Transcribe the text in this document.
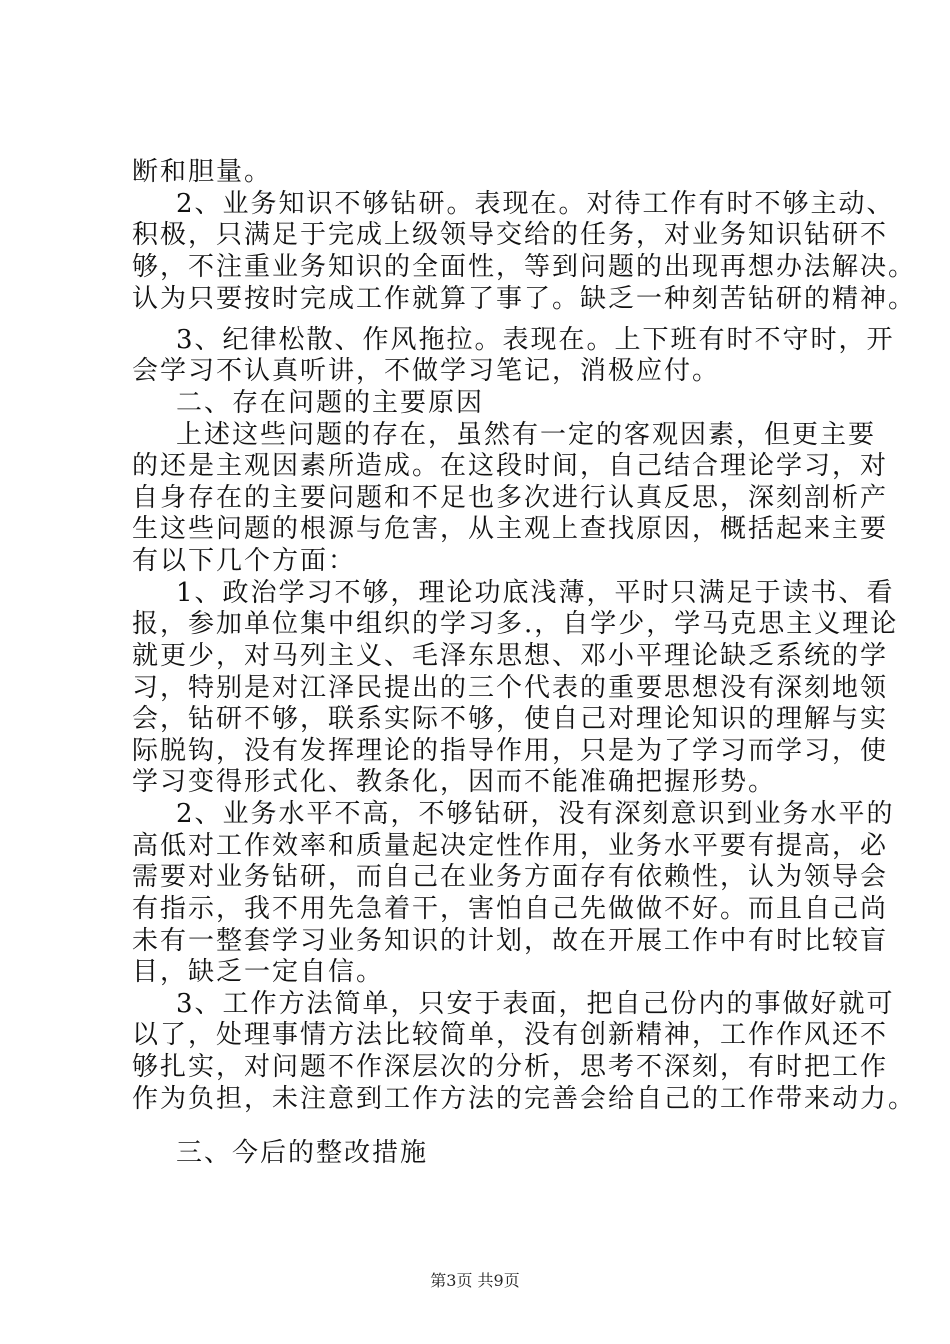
断和胆量。
2、业务知识不够钻研。表现在。对待工作有时不够主动、
积极，只满足于完成上级领导交给的任务，对业务知识钻研不
够，不注重业务知识的全面性，等到问题的出现再想办法解决。
认为只要按时完成工作就算了事了。缺乏一种刻苦钻研的精神。
3、纪律松散、作风拖拉。表现在。上下班有时不守时，开
会学习不认真听讲，不做学习笔记，消极应付。
二、存在问题的主要原因
上述这些问题的存在，虽然有一定的客观因素，但更主要
的还是主观因素所造成。在这段时间，自己结合理论学习，对
自身存在的主要问题和不足也多次进行认真反思，深刻剖析产
生这些问题的根源与危害，从主观上查找原因，概括起来主要
有以下几个方面：
1、政治学习不够，理论功底浅薄，平时只满足于读书、看
报，参加单位集中组织的学习多.，自学少，学马克思主义理论
就更少，对马列主义、毛泽东思想、邓小平理论缺乏系统的学
习，特别是对江泽民提出的三个代表的重要思想没有深刻地领
会，钻研不够，联系实际不够，使自己对理论知识的理解与实
际脱钩，没有发挥理论的指导作用，只是为了学习而学习，使
学习变得形式化、教条化，因而不能准确把握形势。
2、业务水平不高，不够钻研，没有深刻意识到业务水平的
高低对工作效率和质量起决定性作用，业务水平要有提高，必
需要对业务钻研，而自己在业务方面存有依赖性，认为领导会
有指示，我不用先急着干，害怕自己先做做不好。而且自己尚
未有一整套学习业务知识的计划，故在开展工作中有时比较盲
目，缺乏一定自信。
3、工作方法简单，只安于表面，把自己份内的事做好就可
以了，处理事情方法比较简单，没有创新精神，工作作风还不
够扎实，对问题不作深层次的分析，思考不深刻，有时把工作
作为负担，未注意到工作方法的完善会给自己的工作带来动力。
三、今后的整改措施
第3页 共9页
